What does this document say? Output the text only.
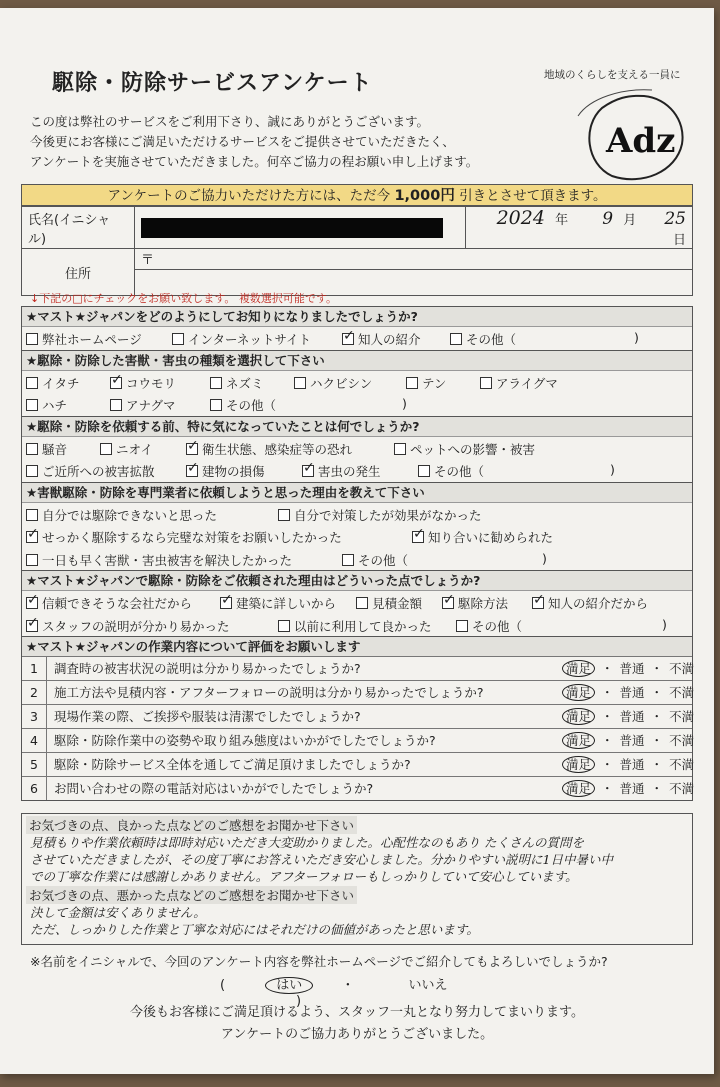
駆除・防除サービスアンケート
この度は弊社のサービスをご利用下さり、誠にありがとうございます。
今後更にお客様にご満足いただけるサービスをご提供させていただきたく、
アンケートを実施させていただきました。何卒ご協力の程お願い申し上げます。
地域のくらしを支える一員に
Adz
アンケートのご協力いただけた方には、ただ今 1,000円 引きとさせて頂きます。
氏名(イニシャル)		2024 年 9 月 25 日
住所	〒	

↓下記の□にチェックをお願い致します。 複数選択可能です。
★マスト★ジャパンをどのようにしてお知りになりましたでしょうか?
弊社ホームページ	インターネットサイト ✓	知人の紹介	その他（	)
★駆除・防除した害獣・害虫の種類を選択して下さい
イタチ ✓	コウモリ	ネズミ	ハクビシン	テン	アライグマ
ハチ	アナグマ	その他（	)
★駆除・防除を依頼する前、特に気になっていたことは何でしょうか?
騒音	ニオイ ✓	衛生状態、感染症等の恐れ	ペットへの影響・被害
ご近所への被害拡散 ✓	建物の損傷 ✓	害虫の発生	その他（	)
★害獣駆除・防除を専門業者に依頼しようと思った理由を教えて下さい
自分では駆除できないと思った	自分で対策したが効果がなかった
✓せっかく駆除するなら完璧な対策をお願いしたかった ✓	知り合いに勧められた
一日も早く害獣・害虫被害を解決したかった	その他（	)
★マスト★ジャパンで駆除・防除をご依頼された理由はどういった点でしょうか?
✓信頼できそうな会社だから ✓	建築に詳しいから	見積金額 ✓	駆除方法 ✓	知人の紹介だから
✓スタッフの説明が分かり易かった	以前に利用して良かった	その他（	)
★マスト★ジャパンの作業内容について評価をお願いします
1	調査時の被害状況の説明は分かり易かったでしょうか?	満足 ・ 普通 ・ 不満
2	施工方法や見積内容・アフターフォローの説明は分かり易かったでしょうか?	満足 ・ 普通 ・ 不満
3	現場作業の際、ご挨拶や服装は清潔でしたでしょうか?	満足 ・ 普通 ・ 不満
4	駆除・防除作業中の姿勢や取り組み態度はいかがでしたでしょうか?	満足 ・ 普通 ・ 不満
5	駆除・防除サービス全体を通してご満足頂けましたでしょうか?	満足 ・ 普通 ・ 不満
6	お問い合わせの際の電話対応はいかがでしたでしょうか?	満足 ・ 普通 ・ 不満
お気づきの点、良かった点などのご感想をお聞かせ下さい
見積もりや作業依頼時は即時対応いただき大変助かりました。心配性なのもあり たくさんの質問を
させていただきましたが、その度丁寧にお答えいただき安心しました。分かりやすい説明に1日中暑い中
での丁寧な作業には感謝しかありません。アフターフォローもしっかりしていて安心しています。
お気づきの点、悪かった点などのご感想をお聞かせ下さい
決して金額は安くありません。
ただ、しっかりした作業と丁寧な対応にはそれだけの価値があったと思います。
※名前をイニシャルで、今回のアンケート内容を弊社ホームページでご紹介してもよろしいでしょうか?
(	はい	・	いいえ )
今後もお客様にご満足頂けるよう、スタッフ一丸となり努力してまいります。
アンケートのご協力ありがとうございました。
